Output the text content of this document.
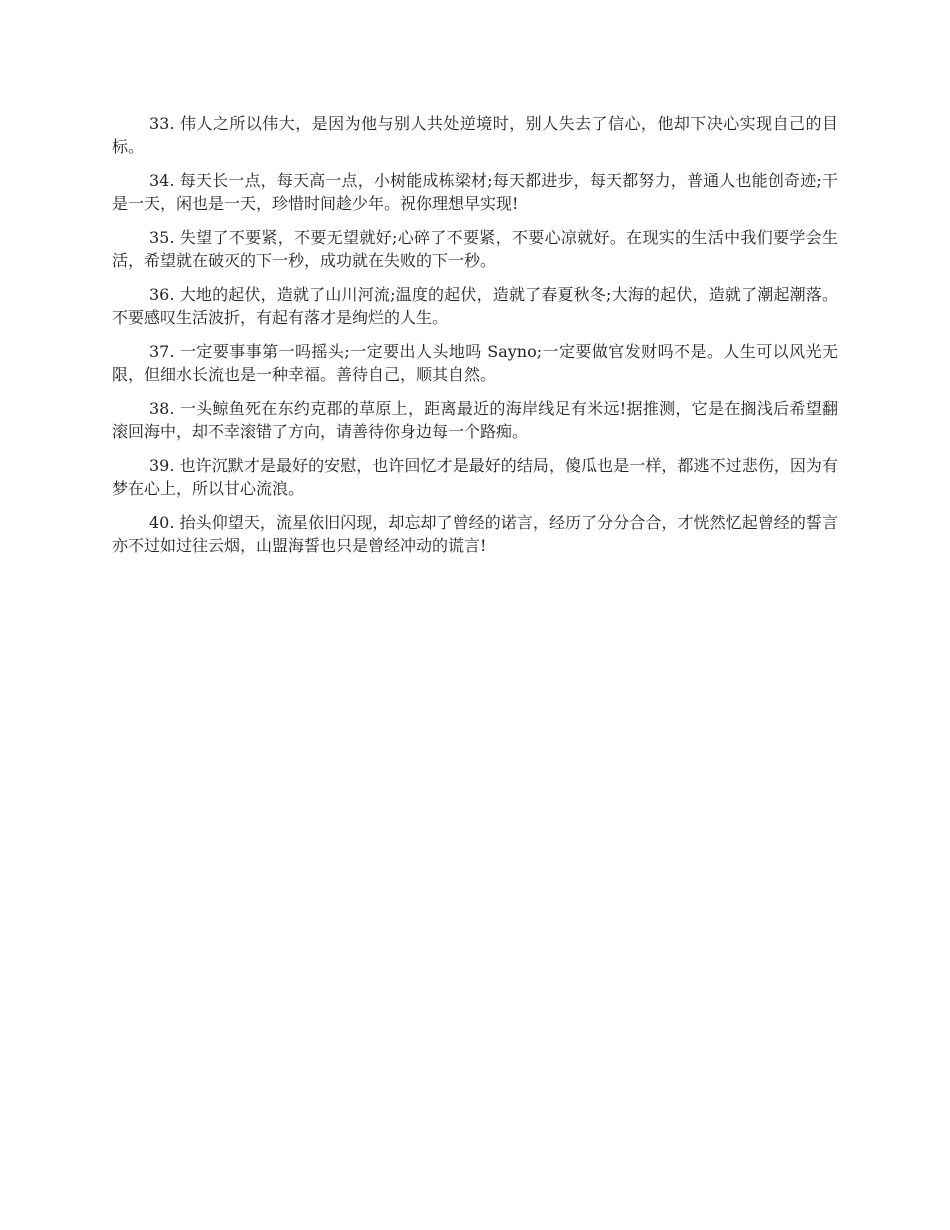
33. 伟人之所以伟大，是因为他与别人共处逆境时，别人失去了信心，他却下决心实现自己的目标。

34. 每天长一点，每天高一点，小树能成栋梁材;每天都进步，每天都努力，普通人也能创奇迹;干是一天，闲也是一天，珍惜时间趁少年。祝你理想早实现!

35. 失望了不要紧，不要无望就好;心碎了不要紧，不要心凉就好。在现实的生活中我们要学会生活，希望就在破灭的下一秒，成功就在失败的下一秒。

36. 大地的起伏，造就了山川河流;温度的起伏，造就了春夏秋冬;大海的起伏，造就了潮起潮落。不要感叹生活波折，有起有落才是绚烂的人生。

37. 一定要事事第一吗摇头;一定要出人头地吗 Sayno;一定要做官发财吗不是。人生可以风光无限，但细水长流也是一种幸福。善待自己，顺其自然。

38. 一头鲸鱼死在东约克郡的草原上，距离最近的海岸线足有米远!据推测，它是在搁浅后希望翻滚回海中，却不幸滚错了方向，请善待你身边每一个路痴。

39. 也许沉默才是最好的安慰，也许回忆才是最好的结局，傻瓜也是一样，都逃不过悲伤，因为有梦在心上，所以甘心流浪。

40. 抬头仰望天，流星依旧闪现，却忘却了曾经的诺言，经历了分分合合，才恍然忆起曾经的誓言亦不过如过往云烟，山盟海誓也只是曾经冲动的谎言!
